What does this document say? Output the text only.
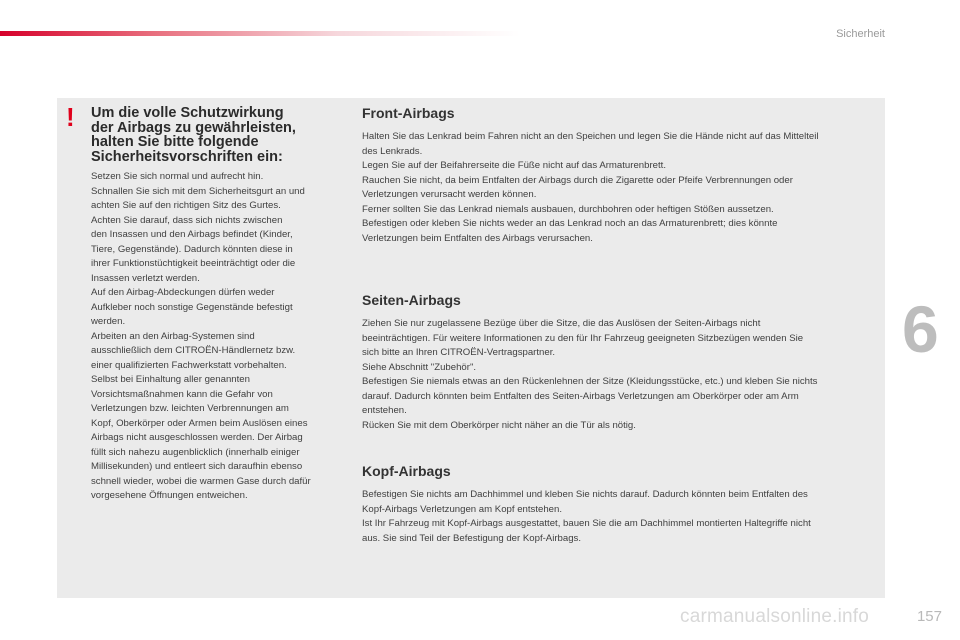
Sicherheit
6
! Um die volle Schutzwirkung
der Airbags zu gewährleisten,
halten Sie bitte folgende
Sicherheitsvorschriften ein:

Setzen Sie sich normal und aufrecht hin.

Schnallen Sie sich mit dem Sicherheitsgurt an und

achten Sie auf den richtigen Sitz des Gurtes.

Achten Sie darauf, dass sich nichts zwischen

den Insassen und den Airbags befindet (Kinder,

Tiere, Gegenstände). Dadurch könnten diese in

ihrer Funktionstüchtigkeit beeinträchtigt oder die

Insassen verletzt werden.

Auf den Airbag-Abdeckungen dürfen weder

Aufkleber noch sonstige Gegenstände befestigt

werden.

Arbeiten an den Airbag-Systemen sind

ausschließlich dem CITROËN-Händlernetz bzw.

einer qualifizierten Fachwerkstatt vorbehalten.

Selbst bei Einhaltung aller genannten

Vorsichtsmaßnahmen kann die Gefahr von

Verletzungen bzw. leichten Verbrennungen am

Kopf, Oberkörper oder Armen beim Auslösen eines

Airbags nicht ausgeschlossen werden. Der Airbag

füllt sich nahezu augenblicklich (innerhalb einiger

Millisekunden) und entleert sich daraufhin ebenso

schnell wieder, wobei die warmen Gase durch dafür

vorgesehene Öffnungen entweichen.

Front-Airbags

Halten Sie das Lenkrad beim Fahren nicht an den Speichen und legen Sie die Hände nicht auf das Mittelteil

des Lenkrads.

Legen Sie auf der Beifahrerseite die Füße nicht auf das Armaturenbrett.

Rauchen Sie nicht, da beim Entfalten der Airbags durch die Zigarette oder Pfeife Verbrennungen oder

Verletzungen verursacht werden können.

Ferner sollten Sie das Lenkrad niemals ausbauen, durchbohren oder heftigen Stößen aussetzen.

Befestigen oder kleben Sie nichts weder an das Lenkrad noch an das Armaturenbrett; dies könnte

Verletzungen beim Entfalten des Airbags verursachen.

Seiten-Airbags

Ziehen Sie nur zugelassene Bezüge über die Sitze, die das Auslösen der Seiten-Airbags nicht

beeinträchtigen. Für weitere Informationen zu den für Ihr Fahrzeug geeigneten Sitzbezügen wenden Sie

sich bitte an Ihren CITROËN-Vertragspartner.

Siehe Abschnitt "Zubehör".

Befestigen Sie niemals etwas an den Rückenlehnen der Sitze (Kleidungsstücke, etc.) und kleben Sie nichts

darauf. Dadurch könnten beim Entfalten des Seiten-Airbags Verletzungen am Oberkörper oder am Arm

entstehen.

Rücken Sie mit dem Oberkörper nicht näher an die Tür als nötig.

Kopf-Airbags

Befestigen Sie nichts am Dachhimmel und kleben Sie nichts darauf. Dadurch könnten beim Entfalten des

Kopf-Airbags Verletzungen am Kopf entstehen.

Ist Ihr Fahrzeug mit Kopf-Airbags ausgestattet, bauen Sie die am Dachhimmel montierten Haltegriffe nicht

aus. Sie sind Teil der Befestigung der Kopf-Airbags.

carmanualsonline.info	157
